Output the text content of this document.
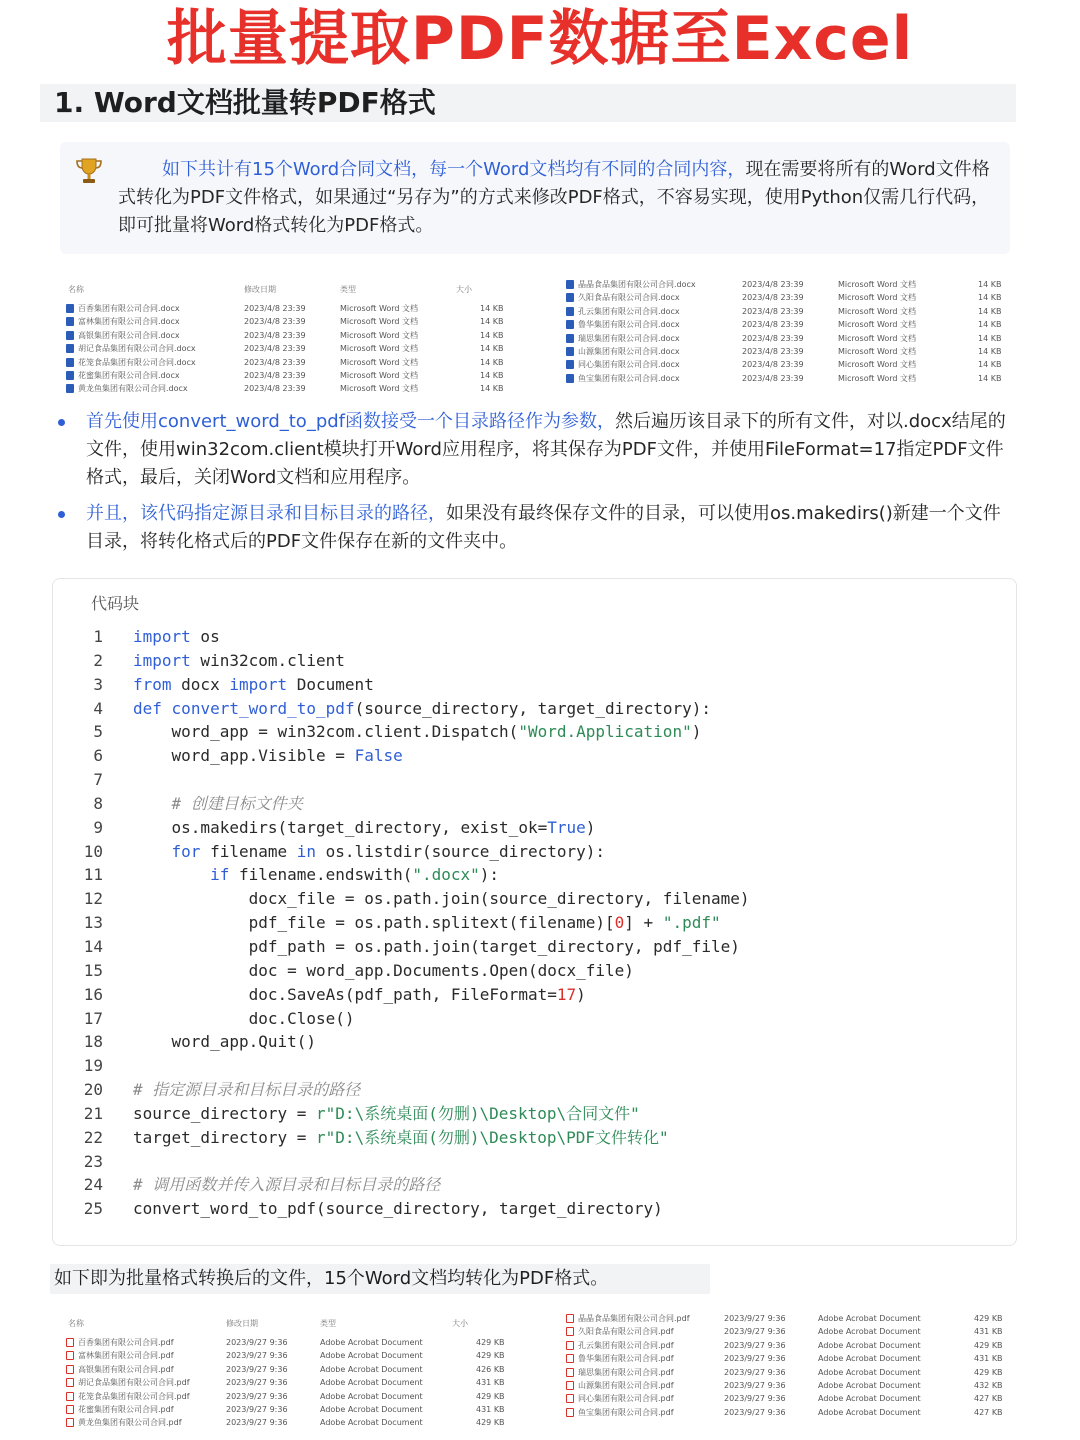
批量提取PDF数据至Excel
1. Word文档批量转PDF格式
如下共计有15个Word合同文档，每一个Word文档均有不同的合同内容，现在需要将所有的Word文件格式转化为PDF文件格式，如果通过“另存为”的方式来修改PDF格式，不容易实现，使用Python仅需几行代码，即可批量将Word格式转化为PDF格式。
名称	修改日期	类型	大小
百香集团有限公司合同.docx	2023/4/8 23:39	Microsoft Word 文档	14 KB
富林集团有限公司合同.docx	2023/4/8 23:39	Microsoft Word 文档	14 KB
高银集团有限公司合同.docx	2023/4/8 23:39	Microsoft Word 文档	14 KB
胡记食品集团有限公司合同.docx	2023/4/8 23:39	Microsoft Word 文档	14 KB
花笼食品集团有限公司合同.docx	2023/4/8 23:39	Microsoft Word 文档	14 KB
花蜜集团有限公司合同.docx	2023/4/8 23:39	Microsoft Word 文档	14 KB
黄龙鱼集团有限公司合同.docx	2023/4/8 23:39	Microsoft Word 文档	14 KB
晶晶食品集团有限公司合同.docx	2023/4/8 23:39	Microsoft Word 文档	14 KB
久阳食品有限公司合同.docx	2023/4/8 23:39	Microsoft Word 文档	14 KB
孔云集团有限公司合同.docx	2023/4/8 23:39	Microsoft Word 文档	14 KB
鲁华集团有限公司合同.docx	2023/4/8 23:39	Microsoft Word 文档	14 KB
瑞思集团有限公司合同.docx	2023/4/8 23:39	Microsoft Word 文档	14 KB
山源集团有限公司合同.docx	2023/4/8 23:39	Microsoft Word 文档	14 KB
同心集团有限公司合同.docx	2023/4/8 23:39	Microsoft Word 文档	14 KB
鱼宝集团有限公司合同.docx	2023/4/8 23:39	Microsoft Word 文档	14 KB
首先使用convert_word_to_pdf函数接受一个目录路径作为参数，然后遍历该目录下的所有文件，对以.docx结尾的文件，使用win32com.client模块打开Word应用程序，将其保存为PDF文件，并使用FileFormat=17指定PDF文件格式，最后，关闭Word文档和应用程序。
并且，该代码指定源目录和目标目录的路径，如果没有最终保存文件的目录，可以使用os.makedirs()新建一个文件目录，将转化格式后的PDF文件保存在新的文件夹中。
代码块
1 import os
2 import win32com.client
3 from docx import Document
4 def convert_word_to_pdf(source_directory, target_directory):
5 word_app = win32com.client.Dispatch("Word.Application")
6 word_app.Visible = False
7
8	# 创建目标文件夹
9 os.makedirs(target_directory, exist_ok=True)
10	for filename in os.listdir(source_directory):
11	if filename.endswith(".docx"):
12 docx_file = os.path.join(source_directory, filename)
13 pdf_file = os.path.splitext(filename)[0] + ".pdf"
14 pdf_path = os.path.join(target_directory, pdf_file)
15 doc = word_app.Documents.Open(docx_file)
16 doc.SaveAs(pdf_path, FileFormat=17)
17 doc.Close()
18 word_app.Quit()
19
20 # 指定源目录和目标目录的路径
21 source_directory = r"D:\系统桌面(勿删)\Desktop\合同文件"
22 target_directory = r"D:\系统桌面(勿删)\Desktop\PDF文件转化"
23
24 # 调用函数并传入源目录和目标目录的路径
25 convert_word_to_pdf(source_directory, target_directory)
如下即为批量格式转换后的文件，15个Word文档均转化为PDF格式。
名称	修改日期	类型	大小
百香集团有限公司合同.pdf	2023/9/27 9:36	Adobe Acrobat Document	429 KB
富林集团有限公司合同.pdf	2023/9/27 9:36	Adobe Acrobat Document	429 KB
高银集团有限公司合同.pdf	2023/9/27 9:36	Adobe Acrobat Document	426 KB
胡记食品集团有限公司合同.pdf	2023/9/27 9:36	Adobe Acrobat Document	431 KB
花笼食品集团有限公司合同.pdf	2023/9/27 9:36	Adobe Acrobat Document	429 KB
花蜜集团有限公司合同.pdf	2023/9/27 9:36	Adobe Acrobat Document	431 KB
黄龙鱼集团有限公司合同.pdf	2023/9/27 9:36	Adobe Acrobat Document	429 KB
晶晶食品集团有限公司合同.pdf	2023/9/27 9:36	Adobe Acrobat Document	429 KB
久阳食品有限公司合同.pdf	2023/9/27 9:36	Adobe Acrobat Document	431 KB
孔云集团有限公司合同.pdf	2023/9/27 9:36	Adobe Acrobat Document	429 KB
鲁华集团有限公司合同.pdf	2023/9/27 9:36	Adobe Acrobat Document	431 KB
瑞思集团有限公司合同.pdf	2023/9/27 9:36	Adobe Acrobat Document	429 KB
山源集团有限公司合同.pdf	2023/9/27 9:36	Adobe Acrobat Document	432 KB
同心集团有限公司合同.pdf	2023/9/27 9:36	Adobe Acrobat Document	427 KB
鱼宝集团有限公司合同.pdf	2023/9/27 9:36	Adobe Acrobat Document	427 KB
